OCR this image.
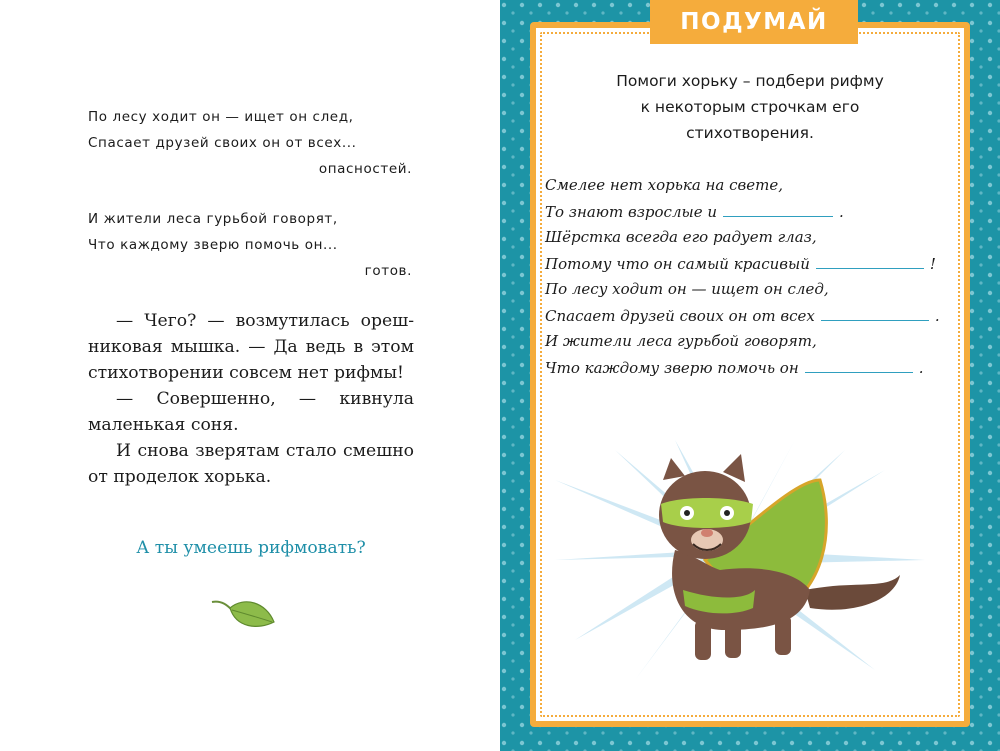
По лесу ходит он — ищет он след,
Спасает друзей своих он от всех...
опасностей.
И жители леса гурьбой говорят,
Что каждому зверю помочь он...
готов.

— Чего? — возмутилась орешниковая мышка. — Да ведь в этом стихотворении совсем нет рифмы!

— Совершенно, — кивнула маленькая соня.

И снова зверятам стало смешно от проделок хорька.

А ты умеешь рифмовать?
ПОДУМАЙ
Помоги хорьку – подбери рифму
к некоторым строчкам его
стихотворения.
Смелее нет хорька на свете,
То знают взрослые и	.
Шёрстка всегда его радует глаз,
Потому что он самый красивый	!
По лесу ходит он — ищет он след,
Спасает друзей своих он от всех	.
И жители леса гурьбой говорят,
Что каждому зверю помочь он	.
